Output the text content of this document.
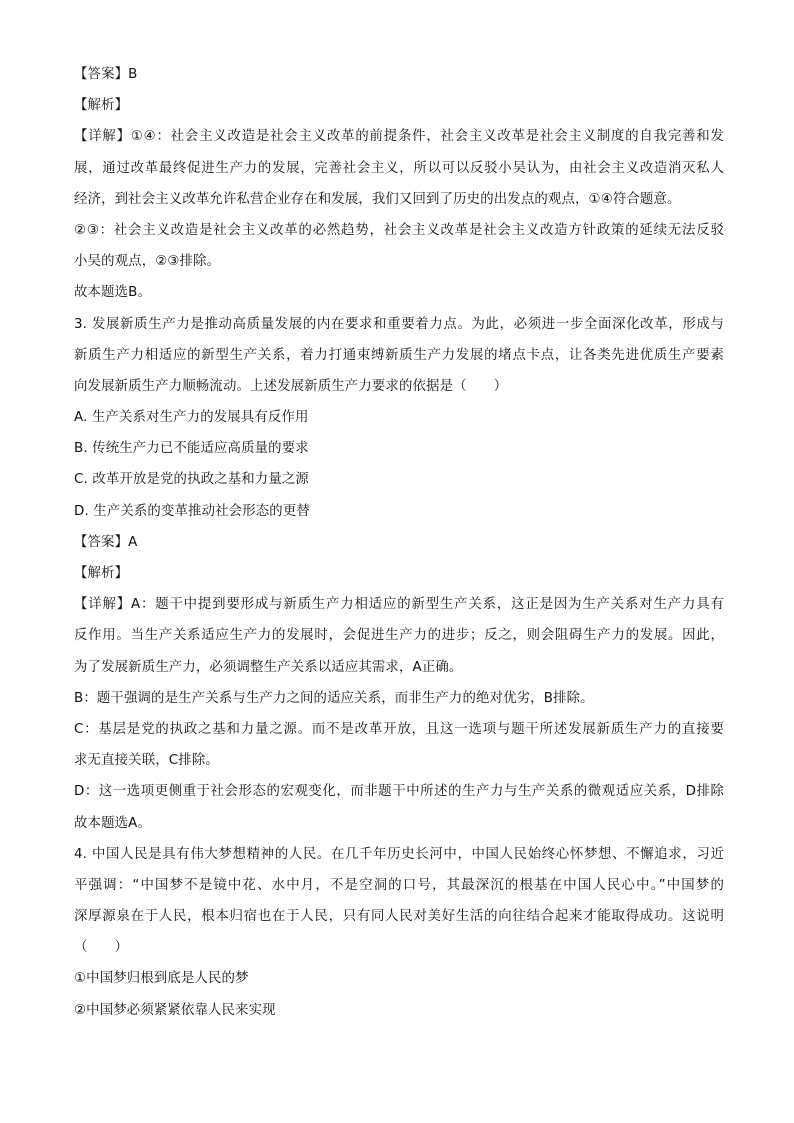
【答案】B
【解析】
【详解】①④：社会主义改造是社会主义改革的前提条件，社会主义改革是社会主义制度的自我完善和发
展，通过改革最终促进生产力的发展，完善社会主义，所以可以反驳小吴认为，由社会主义改造消灭私人
经济，到社会主义改革允许私营企业存在和发展，我们又回到了历史的出发点的观点，①④符合题意。
②③：社会主义改造是社会主义改革的必然趋势，社会主义改革是社会主义改造方针政策的延续无法反驳
小吴的观点，②③排除。
故本题选B。
3. 发展新质生产力是推动高质量发展的内在要求和重要着力点。为此，必须进一步全面深化改革，形成与
新质生产力相适应的新型生产关系，着力打通束缚新质生产力发展的堵点卡点，让各类先进优质生产要素
向发展新质生产力顺畅流动。上述发展新质生产力要求的依据是（　　）
A. 生产关系对生产力的发展具有反作用
B. 传统生产力已不能适应高质量的要求
C. 改革开放是党的执政之基和力量之源
D. 生产关系的变革推动社会形态的更替
【答案】A
【解析】
【详解】A：题干中提到要形成与新质生产力相适应的新型生产关系，这正是因为生产关系对生产力具有
反作用。当生产关系适应生产力的发展时，会促进生产力的进步；反之，则会阻碍生产力的发展。因此，
为了发展新质生产力，必须调整生产关系以适应其需求，A正确。
B：题干强调的是生产关系与生产力之间的适应关系，而非生产力的绝对优劣，B排除。
C：基层是党的执政之基和力量之源。而不是改革开放，且这一选项与题干所述发展新质生产力的直接要
求无直接关联，C排除。
D：这一选项更侧重于社会形态的宏观变化，而非题干中所述的生产力与生产关系的微观适应关系，D排除
故本题选A。
4. 中国人民是具有伟大梦想精神的人民。在几千年历史长河中，中国人民始终心怀梦想、不懈追求，习近
平强调：“中国梦不是镜中花、水中月，不是空洞的口号，其最深沉的根基在中国人民心中。”中国梦的
深厚源泉在于人民，根本归宿也在于人民，只有同人民对美好生活的向往结合起来才能取得成功。这说明
（　　）
①中国梦归根到底是人民的梦
②中国梦必须紧紧依靠人民来实现
